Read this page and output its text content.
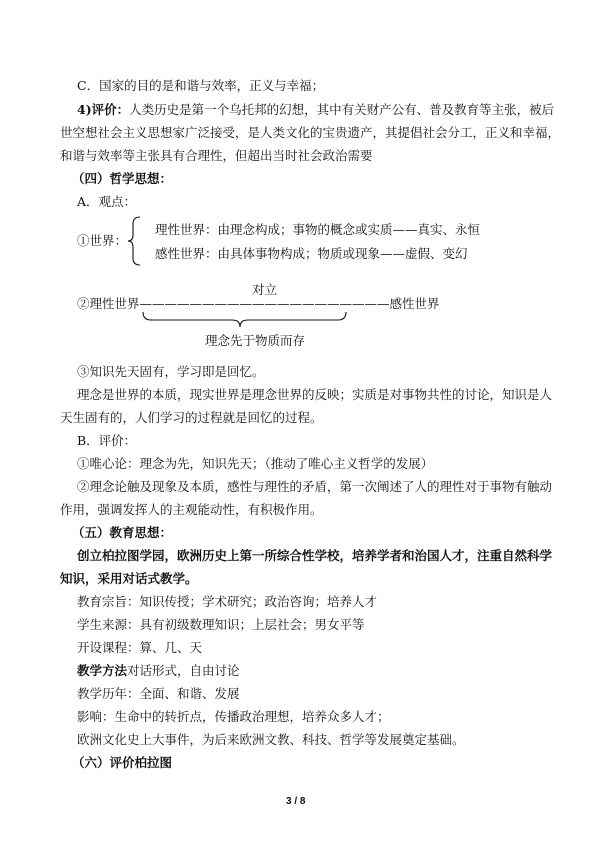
C．国家的目的是和谐与效率，正义与幸福；
4)评价：人类历史是第一个乌托邦的幻想，其中有关财产公有、普及教育等主张，被后
世空想社会主义思想家广泛接受，是人类文化的宝贵遗产，其提倡社会分工，正义和幸福，
和谐与效率等主张具有合理性，但超出当时社会政治需要
（四）哲学思想：
A．观点：
①世界：
理性世界：由理念构成；事物的概念或实质——真实、永恒
感性世界：由具体事物构成；物质或现象——虚假、变幻
对立
②理性世界————————————————————感性世界
理念先于物质而存
③知识先天固有，学习即是回忆。
理念是世界的本质，现实世界是理念世界的反映；实质是对事物共性的讨论，知识是人
天生固有的，人们学习的过程就是回忆的过程。
B．评价：
①唯心论：理念为先，知识先天；（推动了唯心主义哲学的发展）
②理念论触及现象及本质，感性与理性的矛盾，第一次阐述了人的理性对于事物有触动
作用，强调发挥人的主观能动性，有积极作用。
（五）教育思想：
创立柏拉图学园，欧洲历史上第一所综合性学校，培养学者和治国人才，注重自然科学
知识，采用对话式教学。
教育宗旨：知识传授；学术研究；政治咨询；培养人才
学生来源：具有初级数理知识；上层社会；男女平等
开设课程：算、几、天
教学方法对话形式，自由讨论
教学历年：全面、和谐、发展
影响：生命中的转折点，传播政治理想，培养众多人才；
欧洲文化史上大事件，为后来欧洲文教、科技、哲学等发展奠定基础。
（六）评价柏拉图
3 / 8
